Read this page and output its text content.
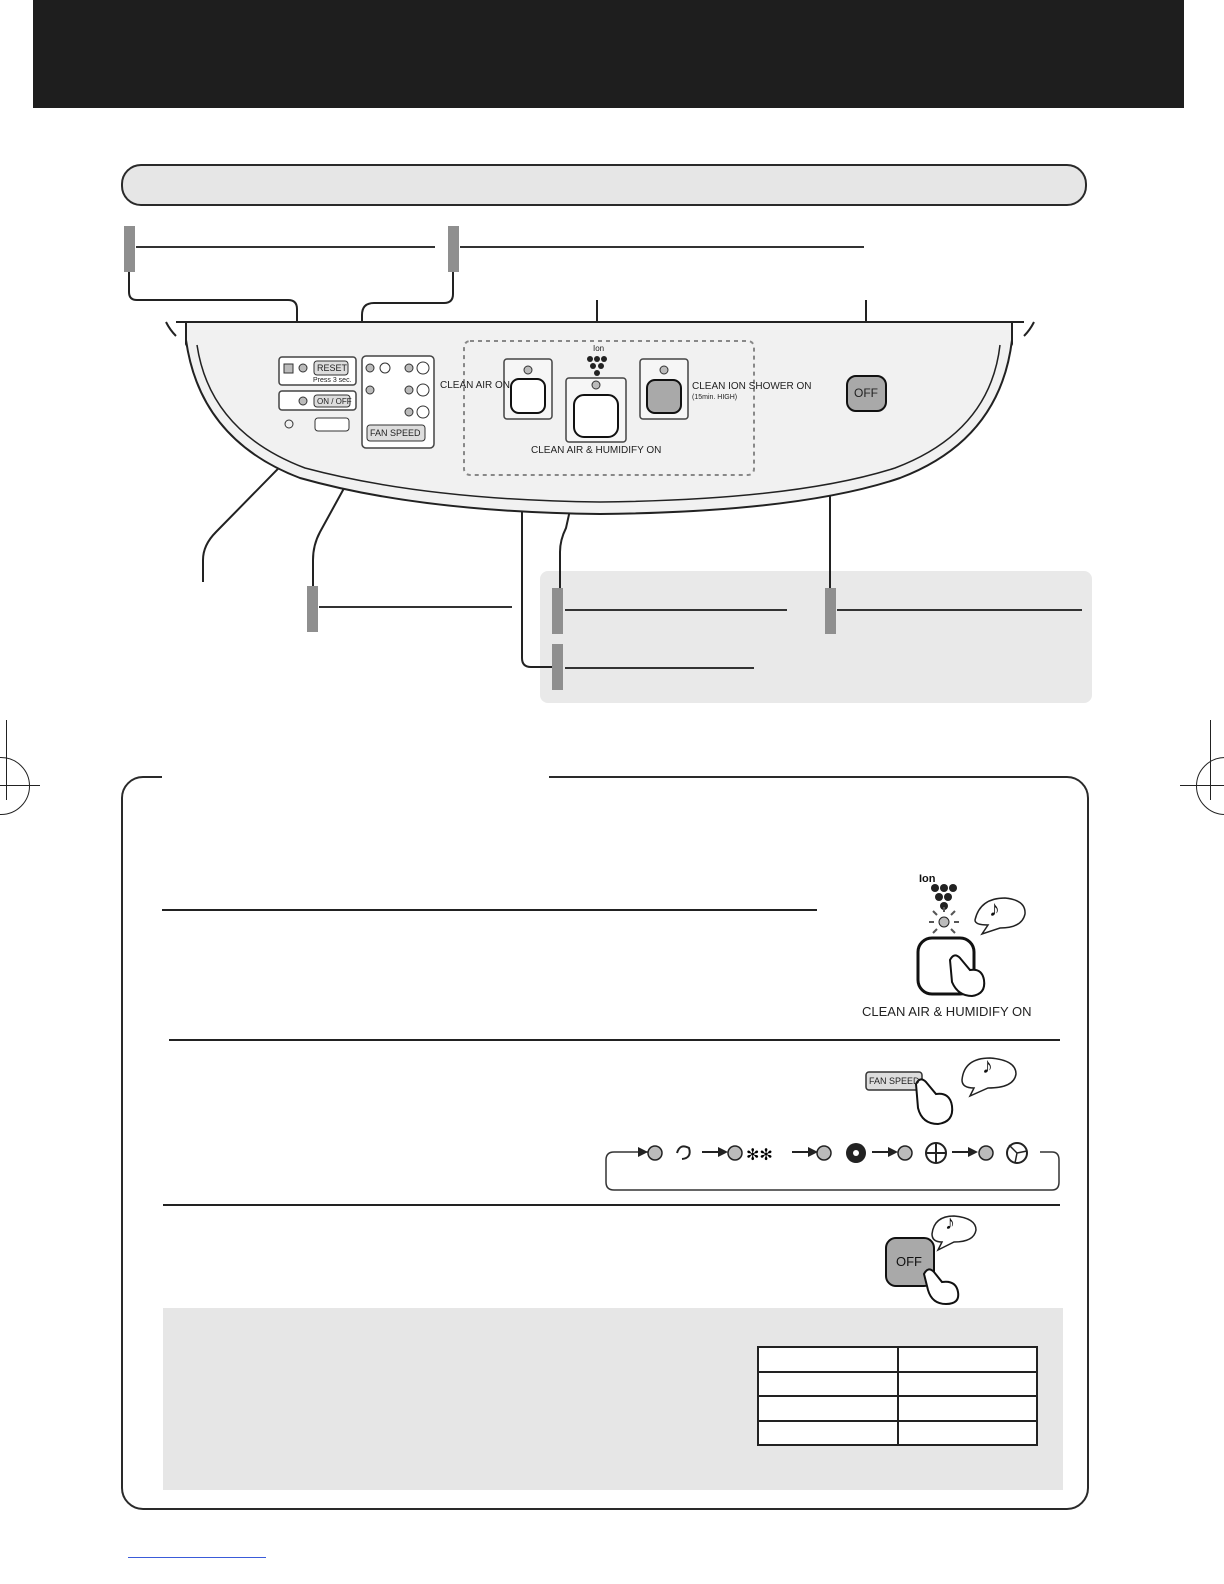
RESET
Press 3 sec.
ON / OFF
FAN SPEED
CLEAN AIR ON
Ion
CLEAN AIR & HUMIDIFY ON
CLEAN ION SHOWER ON
(15min. HIGH)	OFF
♪
Ion
CLEAN AIR & HUMIDIFY ON
FAN SPEED
♪
✻✻
OFF
♪
